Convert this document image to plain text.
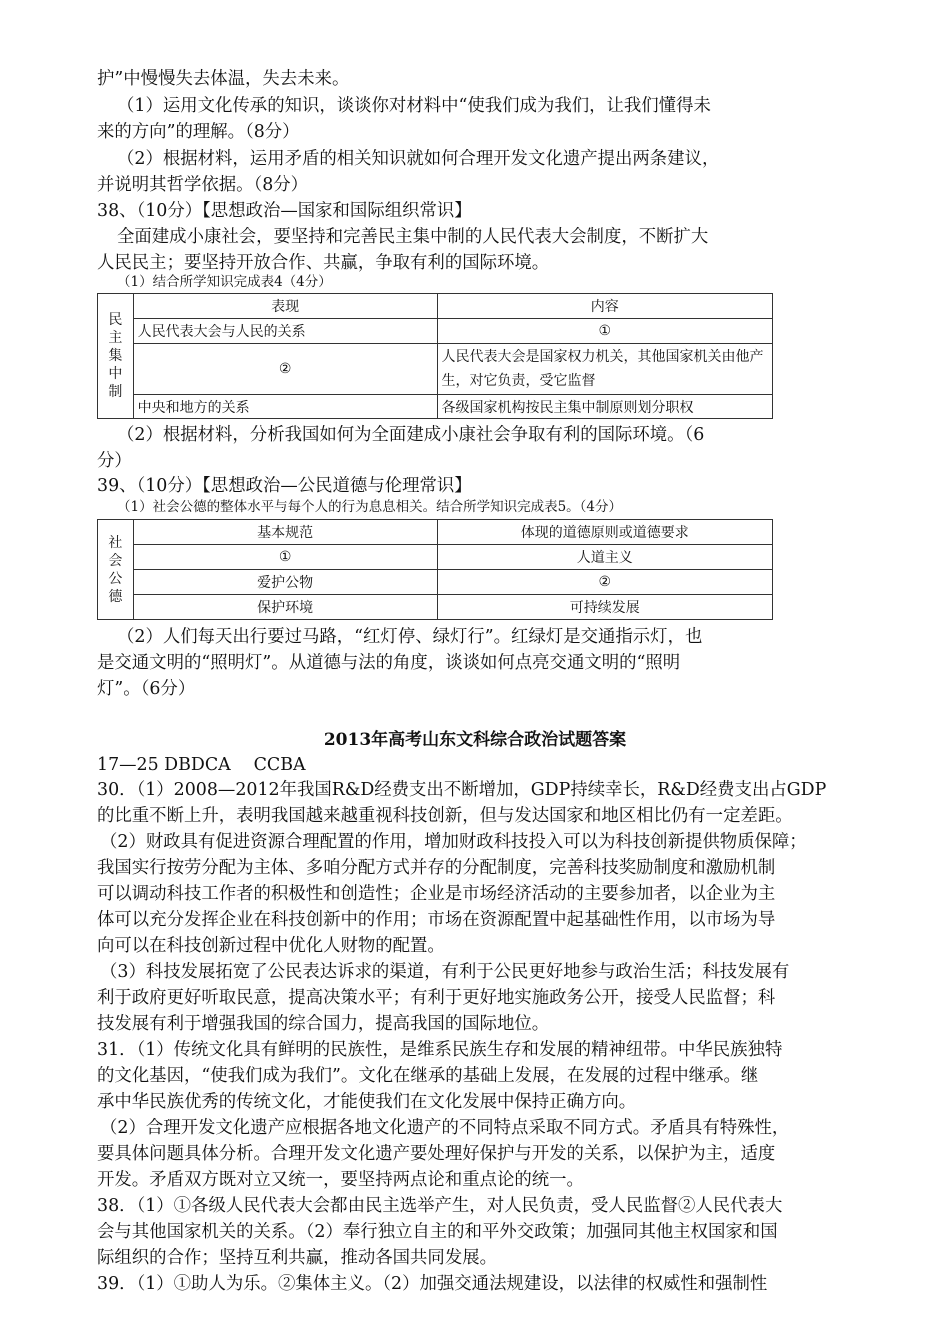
护”中慢慢失去体温，失去未来。
（1）运用文化传承的知识，谈谈你对材料中“使我们成为我们，让我们懂得未
来的方向”的理解。（8分）
（2）根据材料，运用矛盾的相关知识就如何合理开发文化遗产提出两条建议，
并说明其哲学依据。（8分）
38、（10分）【思想政治—国家和国际组织常识】
全面建成小康社会，要坚持和完善民主集中制的人民代表大会制度，不断扩大
人民民主；要坚持开放合作、共赢，争取有利的国际环境。
（1）结合所学知识完成表4（4分）
民
主
集
中
制	表现	内容
	人民代表大会与人民的关系	①
	②	人民代表大会是国家权力机关，其他国家机关由他产生，对它负责，受它监督
	中央和地方的关系	各级国家机构按民主集中制原则划分职权
（2）根据材料，分析我国如何为全面建成小康社会争取有利的国际环境。（6
分）
39、（10分）【思想政治—公民道德与伦理常识】
（1）社会公德的整体水平与每个人的行为息息相关。结合所学知识完成表5。（4分）
社
会
公
德	基本规范	体现的道德原则或道德要求
	①	人道主义
	爱护公物	②
	保护环境	可持续发展
（2）人们每天出行要过马路，“红灯停、绿灯行”。红绿灯是交通指示灯，也
是交通文明的“照明灯”。从道德与法的角度，谈谈如何点亮交通文明的“照明
灯”。（6分）
2013年高考山东文科综合政治试题答案
17—25 DBDCA　 CCBA
30．（1）2008—2012年我国R&D经费支出不断增加，GDP持续幸长，R&D经费支出占GDP
的比重不断上升，表明我国越来越重视科技创新，但与发达国家和地区相比仍有一定差距。
（2）财政具有促进资源合理配置的作用，增加财政科技投入可以为科技创新提供物质保障；
我国实行按劳分配为主体、多咱分配方式并存的分配制度，完善科技奖励制度和激励机制
可以调动科技工作者的积极性和创造性；企业是市场经济活动的主要参加者，以企业为主
体可以充分发挥企业在科技创新中的作用；市场在资源配置中起基础性作用，以市场为导
向可以在科技创新过程中优化人财物的配置。
（3）科技发展拓宽了公民表达诉求的渠道，有利于公民更好地参与政治生活；科技发展有
利于政府更好听取民意，提高决策水平；有利于更好地实施政务公开，接受人民监督；科
技发展有利于增强我国的综合国力，提高我国的国际地位。
31．（1）传统文化具有鲜明的民族性，是维系民族生存和发展的精神纽带。中华民族独特
的文化基因，“使我们成为我们”。文化在继承的基础上发展，在发展的过程中继承。继
承中华民族优秀的传统文化，才能使我们在文化发展中保持正确方向。
（2）合理开发文化遗产应根据各地文化遗产的不同特点采取不同方式。矛盾具有特殊性，
要具体问题具体分析。合理开发文化遗产要处理好保护与开发的关系，以保护为主，适度
开发。矛盾双方既对立又统一，要坚持两点论和重点论的统一。
38．（1）①各级人民代表大会都由民主选举产生，对人民负责，受人民监督②人民代表大
会与其他国家机关的关系。（2）奉行独立自主的和平外交政策；加强同其他主权国家和国
际组织的合作；坚持互利共赢，推动各国共同发展。
39．（1）①助人为乐。②集体主义。（2）加强交通法规建设，以法律的权威性和强制性
